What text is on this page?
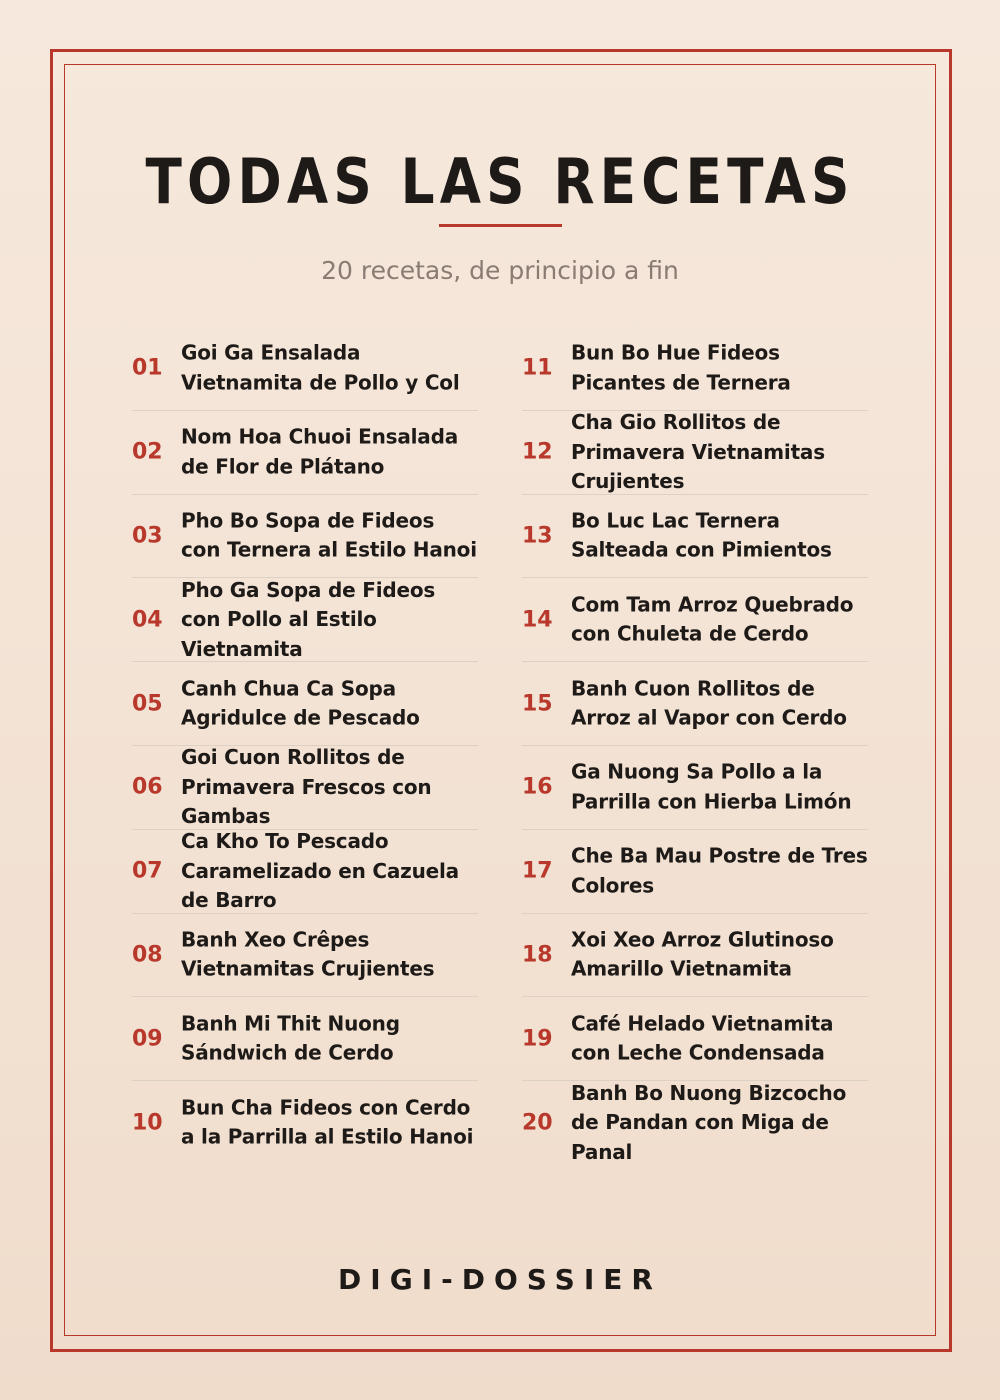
TODAS LAS RECETAS
20 recetas, de principio a fin
01
Goi Ga Ensalada Vietnamita de Pollo y Col
02
Nom Hoa Chuoi Ensalada de Flor de Plátano
03
Pho Bo Sopa de Fideos con Ternera al Estilo Hanoi
04
Pho Ga Sopa de Fideos con Pollo al Estilo Vietnamita
05
Canh Chua Ca Sopa Agridulce de Pescado
06
Goi Cuon Rollitos de Primavera Frescos con Gambas
07
Ca Kho To Pescado Caramelizado en Cazuela de Barro
08
Banh Xeo Crêpes Vietnamitas Crujientes
09
Banh Mi Thit Nuong Sándwich de Cerdo
10
Bun Cha Fideos con Cerdo a la Parrilla al Estilo Hanoi
11
Bun Bo Hue Fideos Picantes de Ternera
12
Cha Gio Rollitos de Primavera Vietnamitas Crujientes
13
Bo Luc Lac Ternera Salteada con Pimientos
14
Com Tam Arroz Quebrado con Chuleta de Cerdo
15
Banh Cuon Rollitos de Arroz al Vapor con Cerdo
16
Ga Nuong Sa Pollo a la Parrilla con Hierba Limón
17
Che Ba Mau Postre de Tres Colores
18
Xoi Xeo Arroz Glutinoso Amarillo Vietnamita
19
Café Helado Vietnamita con Leche Condensada
20
Banh Bo Nuong Bizcocho de Pandan con Miga de Panal
DIGI-DOSSIER
